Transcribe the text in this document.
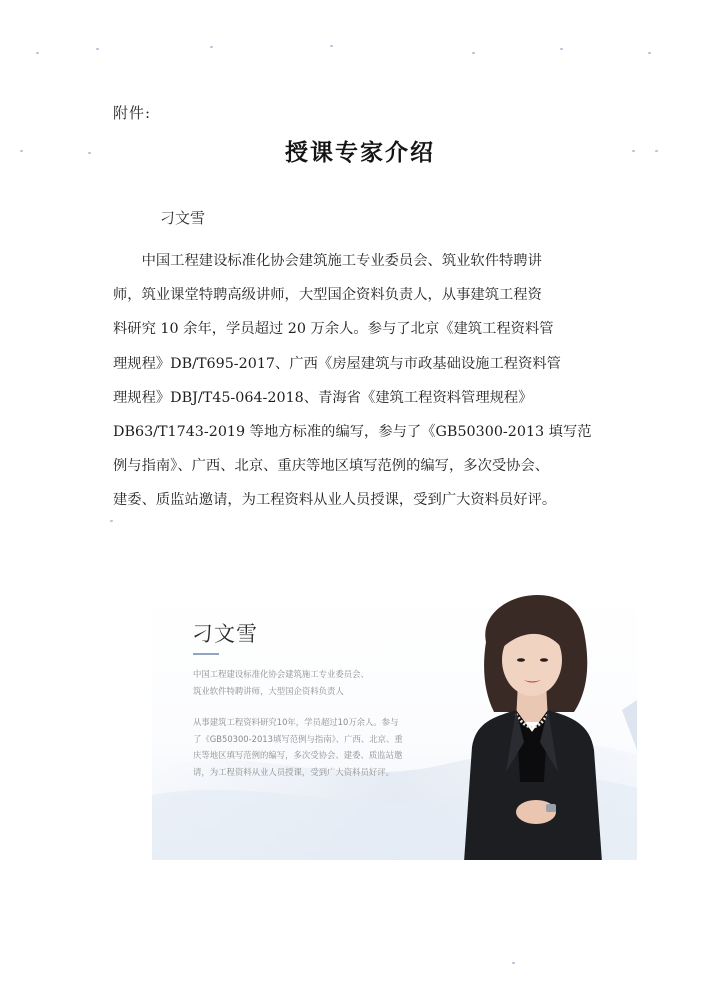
附件:
授课专家介绍
刁文雪
　　中国工程建设标准化协会建筑施工专业委员会、筑业软件特聘讲
师，筑业课堂特聘高级讲师，大型国企资料负责人，从事建筑工程资
料研究 10 余年，学员超过 20 万余人。参与了北京《建筑工程资料管
理规程》DB/T695-2017、广西《房屋建筑与市政基础设施工程资料管
理规程》DBJ/T45-064-2018、青海省《建筑工程资料管理规程》
DB63/T1743-2019 等地方标准的编写，参与了《GB50300-2013 填写范
例与指南》、广西、北京、重庆等地区填写范例的编写，多次受协会、
建委、质监站邀请，为工程资料从业人员授课，受到广大资料员好评。
刁文雪
中国工程建设标准化协会建筑施工专业委员会、
筑业软件特聘讲师，大型国企资料负责人
从事建筑工程资料研究10年，学员超过10万余人。参与
了《GB50300-2013填写范例与指南》、广西、北京、重
庆等地区填写范例的编写，多次受协会、建委、质监站邀
请，为工程资料从业人员授课，受到广大资料员好评。
